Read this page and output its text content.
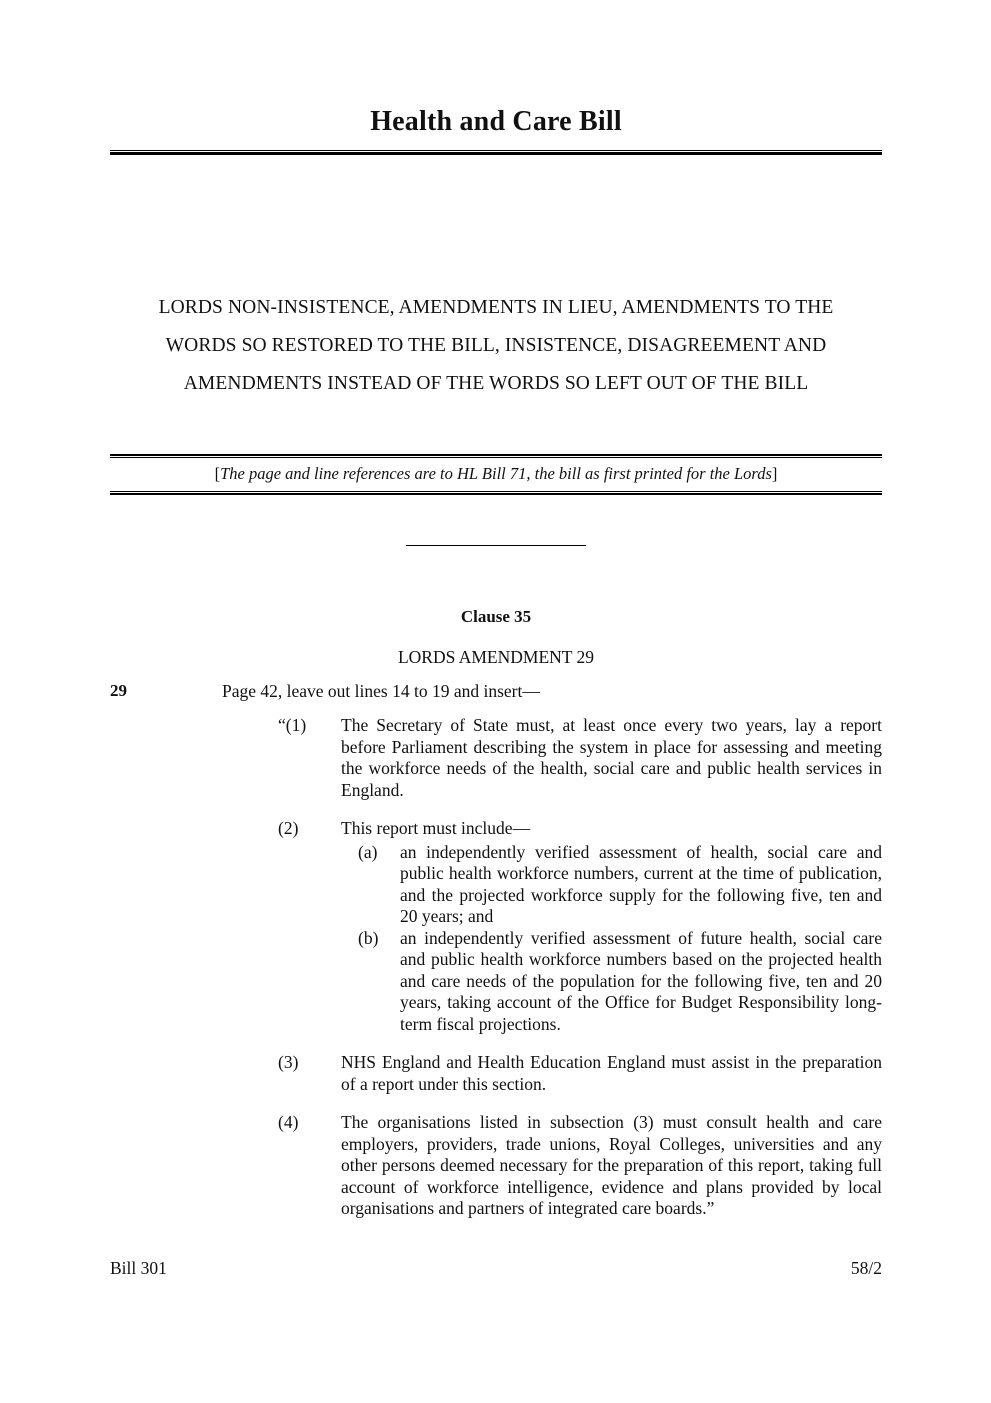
Health and Care Bill
LORDS NON-INSISTENCE, AMENDMENTS IN LIEU, AMENDMENTS TO THE
WORDS SO RESTORED TO THE BILL, INSISTENCE, DISAGREEMENT AND
AMENDMENTS INSTEAD OF THE WORDS SO LEFT OUT OF THE BILL
[The page and line references are to HL Bill 71, the bill as first printed for the Lords]
Clause 35
LORDS AMENDMENT 29
29	Page 42, leave out lines 14 to 19 and insert—
“(1)	The Secretary of State must, at least once every two years, lay a report before Parliament describing the system in place for assessing and meeting the workforce needs of the health, social care and public health services in England.
(2)	This report must include—
(a)	an independently verified assessment of health, social care and public health workforce numbers, current at the time of publication, and the projected workforce supply for the following five, ten and 20 years; and
(b)	an independently verified assessment of future health, social care and public health workforce numbers based on the projected health and care needs of the population for the following five, ten and 20 years, taking account of the Office for Budget Responsibility long-term fiscal projections.
(3)	NHS England and Health Education England must assist in the preparation of a report under this section.
(4)	The organisations listed in subsection (3) must consult health and care employers, providers, trade unions, Royal Colleges, universities and any other persons deemed necessary for the preparation of this report, taking full account of workforce intelligence, evidence and plans provided by local organisations and partners of integrated care boards.”
Bill 301	58/2
